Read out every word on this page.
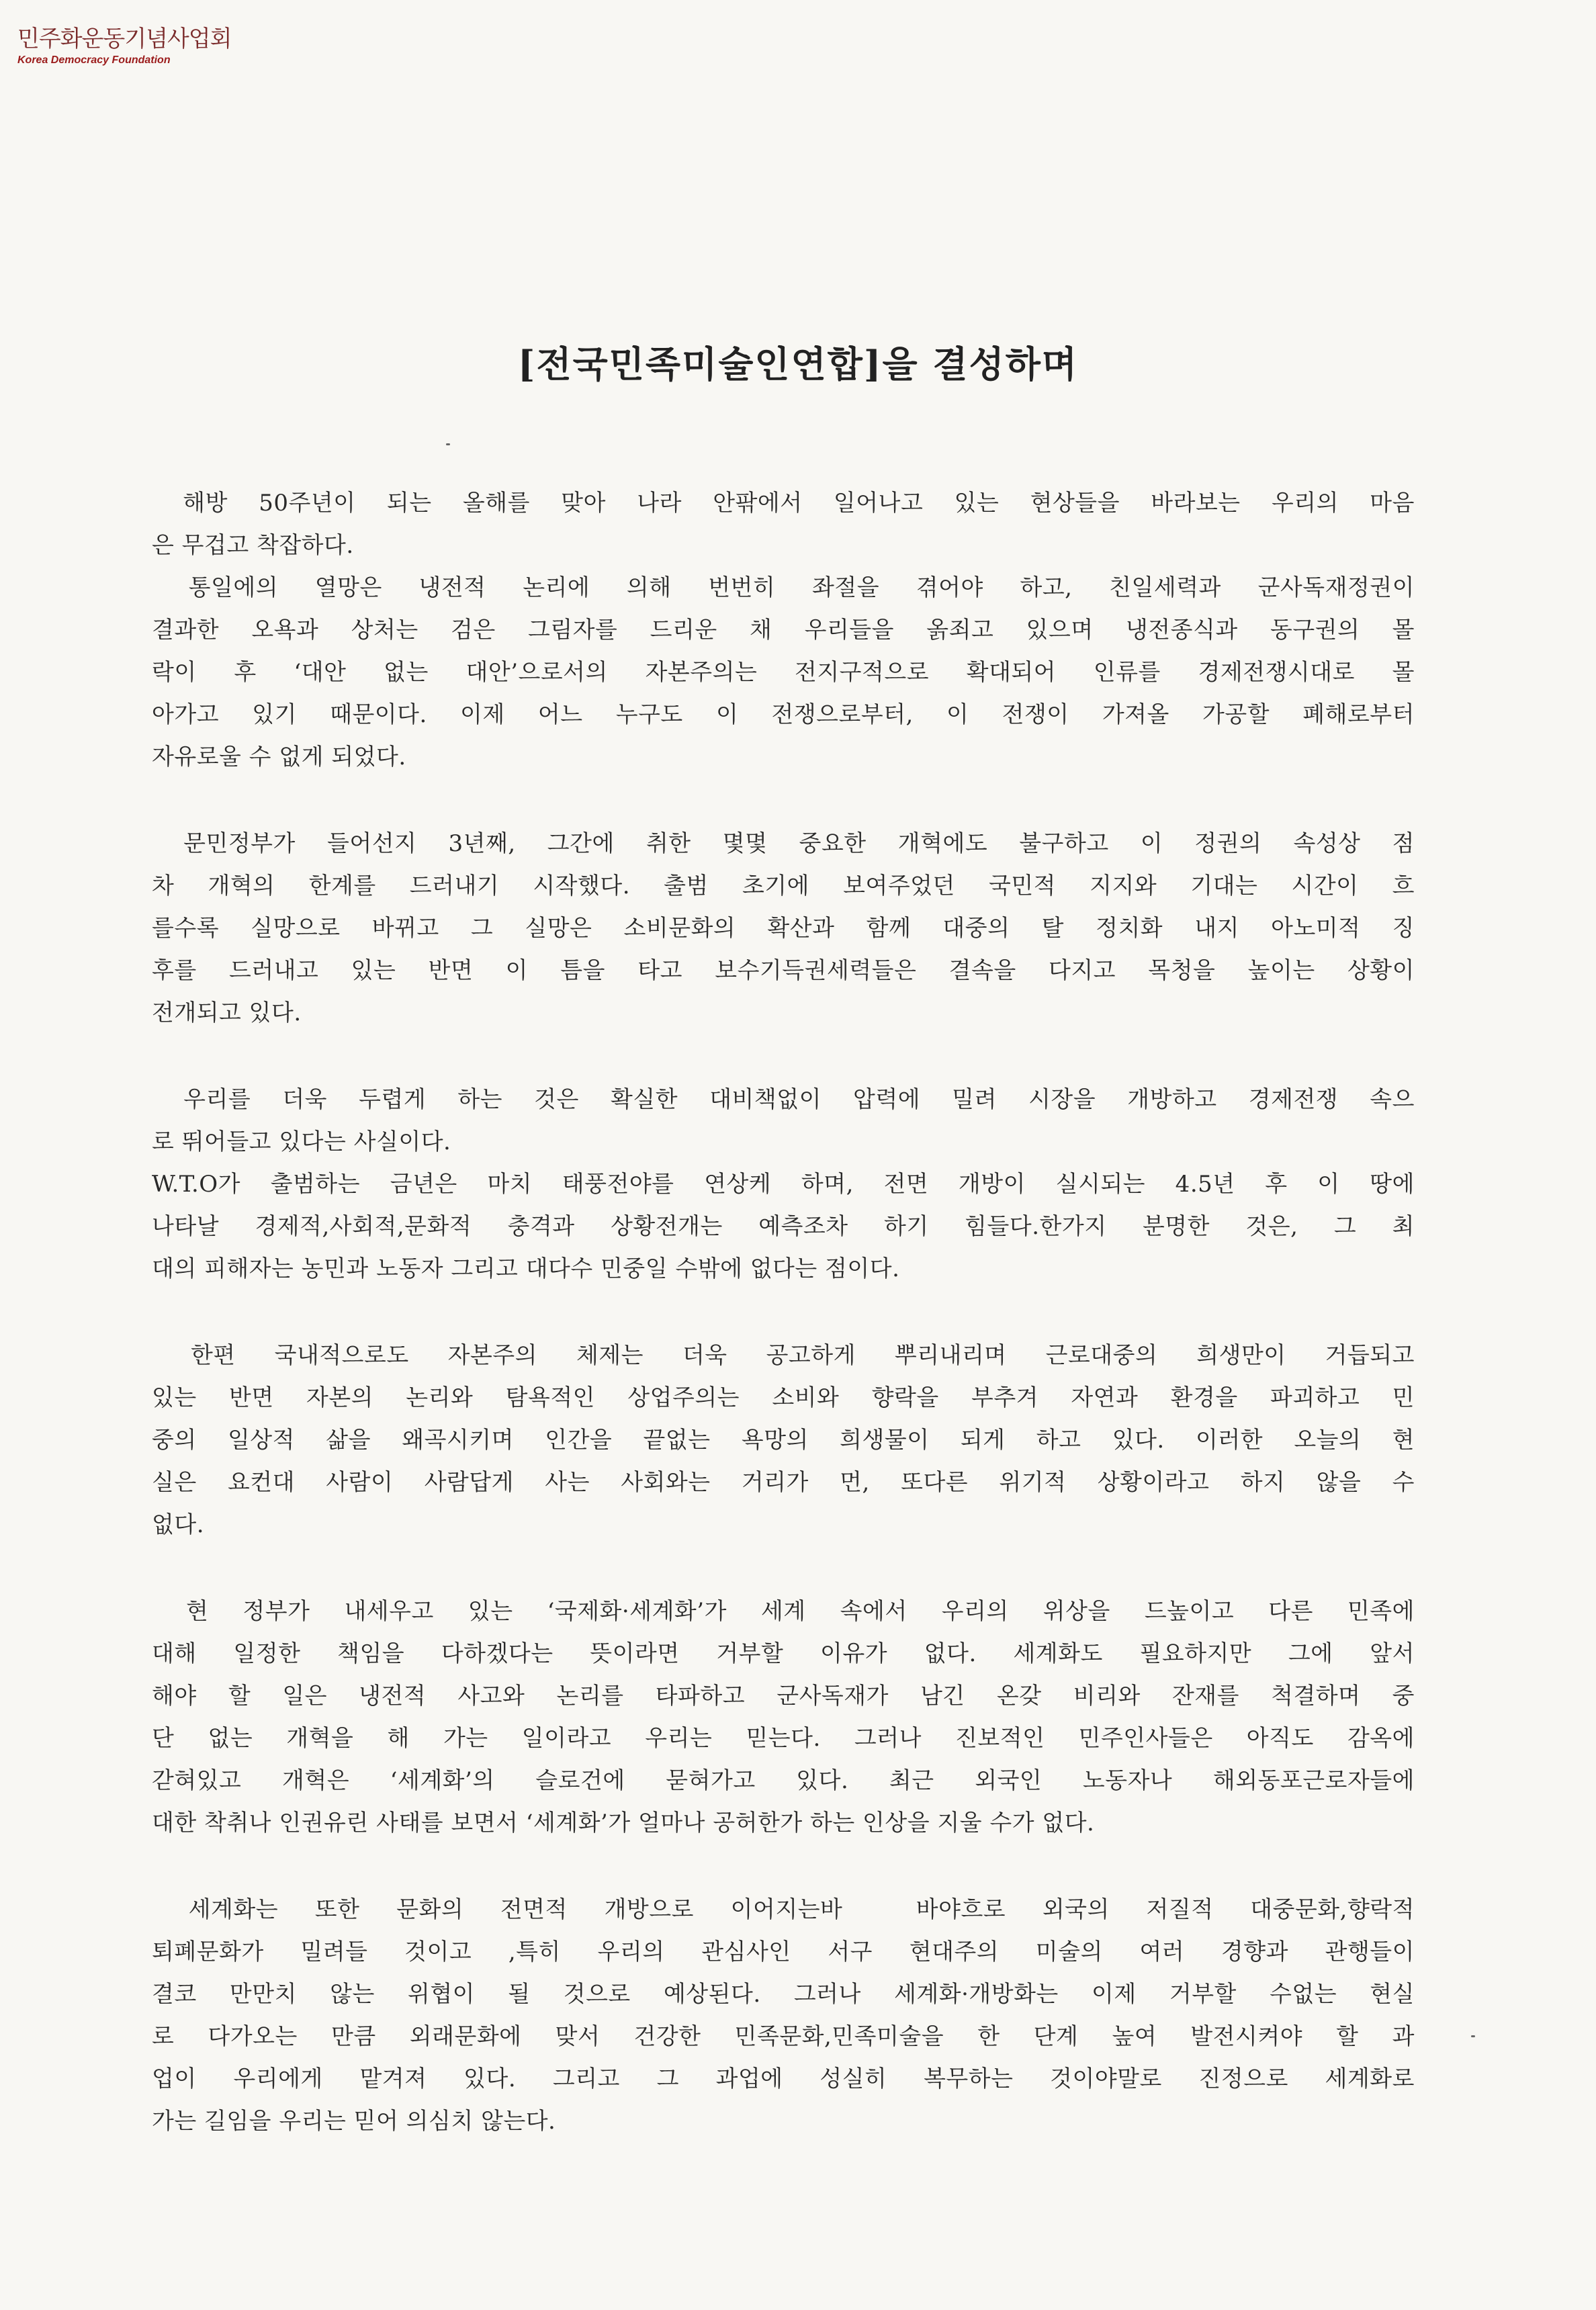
민주화운동기념사업회
Korea Democracy Foundation
[전국민족미술인연합]을 결성하며
해방 50주년이 되는 올해를 맞아 나라 안팎에서 일어나고 있는 현상들을 바라보는 우리의 마음
은 무겁고 착잡하다.
통일에의 열망은 냉전적 논리에 의해 번번히 좌절을 겪어야 하고, 친일세력과 군사독재정권이
결과한 오욕과 상처는 검은 그림자를 드리운 채 우리들을 옭죄고 있으며 냉전종식과 동구권의 몰
락이 후 ‘대안 없는 대안’으로서의 자본주의는 전지구적으로 확대되어 인류를 경제전쟁시대로 몰
아가고 있기 때문이다. 이제 어느 누구도 이 전쟁으로부터, 이 전쟁이 가져올 가공할 폐해로부터
자유로울 수 없게 되었다.
문민정부가 들어선지 3년째, 그간에 취한 몇몇 중요한 개혁에도 불구하고 이 정권의 속성상 점
차 개혁의 한계를 드러내기 시작했다. 출범 초기에 보여주었던 국민적 지지와 기대는 시간이 흐
를수록 실망으로 바뀌고 그 실망은 소비문화의 확산과 함께 대중의 탈 정치화 내지 아노미적 징
후를 드러내고 있는 반면 이 틈을 타고 보수기득권세력들은 결속을 다지고 목청을 높이는 상황이
전개되고 있다.
우리를 더욱 두렵게 하는 것은 확실한 대비책없이 압력에 밀려 시장을 개방하고 경제전쟁 속으
로 뛰어들고 있다는 사실이다.
W.T.O가 출범하는 금년은 마치 태풍전야를 연상케 하며, 전면 개방이 실시되는 4.5년 후 이 땅에
나타날 경제적,사회적,문화적 충격과 상황전개는 예측조차 하기 힘들다.한가지 분명한 것은, 그 최
대의 피해자는 농민과 노동자 그리고 대다수 민중일 수밖에 없다는 점이다.
한편 국내적으로도 자본주의 체제는 더욱 공고하게 뿌리내리며 근로대중의 희생만이 거듭되고
있는 반면 자본의 논리와 탐욕적인 상업주의는 소비와 향락을 부추겨 자연과 환경을 파괴하고 민
중의 일상적 삶을 왜곡시키며 인간을 끝없는 욕망의 희생물이 되게 하고 있다. 이러한 오늘의 현
실은 요컨대 사람이 사람답게 사는 사회와는 거리가 먼, 또다른 위기적 상황이라고 하지 않을 수
없다.
현 정부가 내세우고 있는 ‘국제화·세계화’가 세계 속에서 우리의 위상을 드높이고 다른 민족에
대해 일정한 책임을 다하겠다는 뜻이라면 거부할 이유가 없다. 세계화도 필요하지만 그에 앞서
해야 할 일은 냉전적 사고와 논리를 타파하고 군사독재가 남긴 온갖 비리와 잔재를 척결하며 중
단 없는 개혁을 해 가는 일이라고 우리는 믿는다. 그러나 진보적인 민주인사들은 아직도 감옥에
갇혀있고 개혁은 ‘세계화’의 슬로건에 묻혀가고 있다. 최근 외국인 노동자나 해외동포근로자들에
대한 착취나 인권유린 사태를 보면서 ‘세계화’가 얼마나 공허한가 하는 인상을 지울 수가 없다.
세계화는 또한 문화의 전면적 개방으로 이어지는바  바야흐로 외국의 저질적 대중문화,향락적
퇴폐문화가 밀려들 것이고 ,특히 우리의 관심사인 서구 현대주의 미술의 여러 경향과 관행들이
결코 만만치 않는 위협이 될 것으로 예상된다. 그러나 세계화·개방화는 이제 거부할 수없는 현실
로 다가오는 만큼 외래문화에 맞서 건강한 민족문화,민족미술을 한 단계 높여 발전시켜야 할 과
업이 우리에게 맡겨져 있다. 그리고 그 과업에 성실히 복무하는 것이야말로 진정으로 세계화로
가는 길임을 우리는 믿어 의심치 않는다.
